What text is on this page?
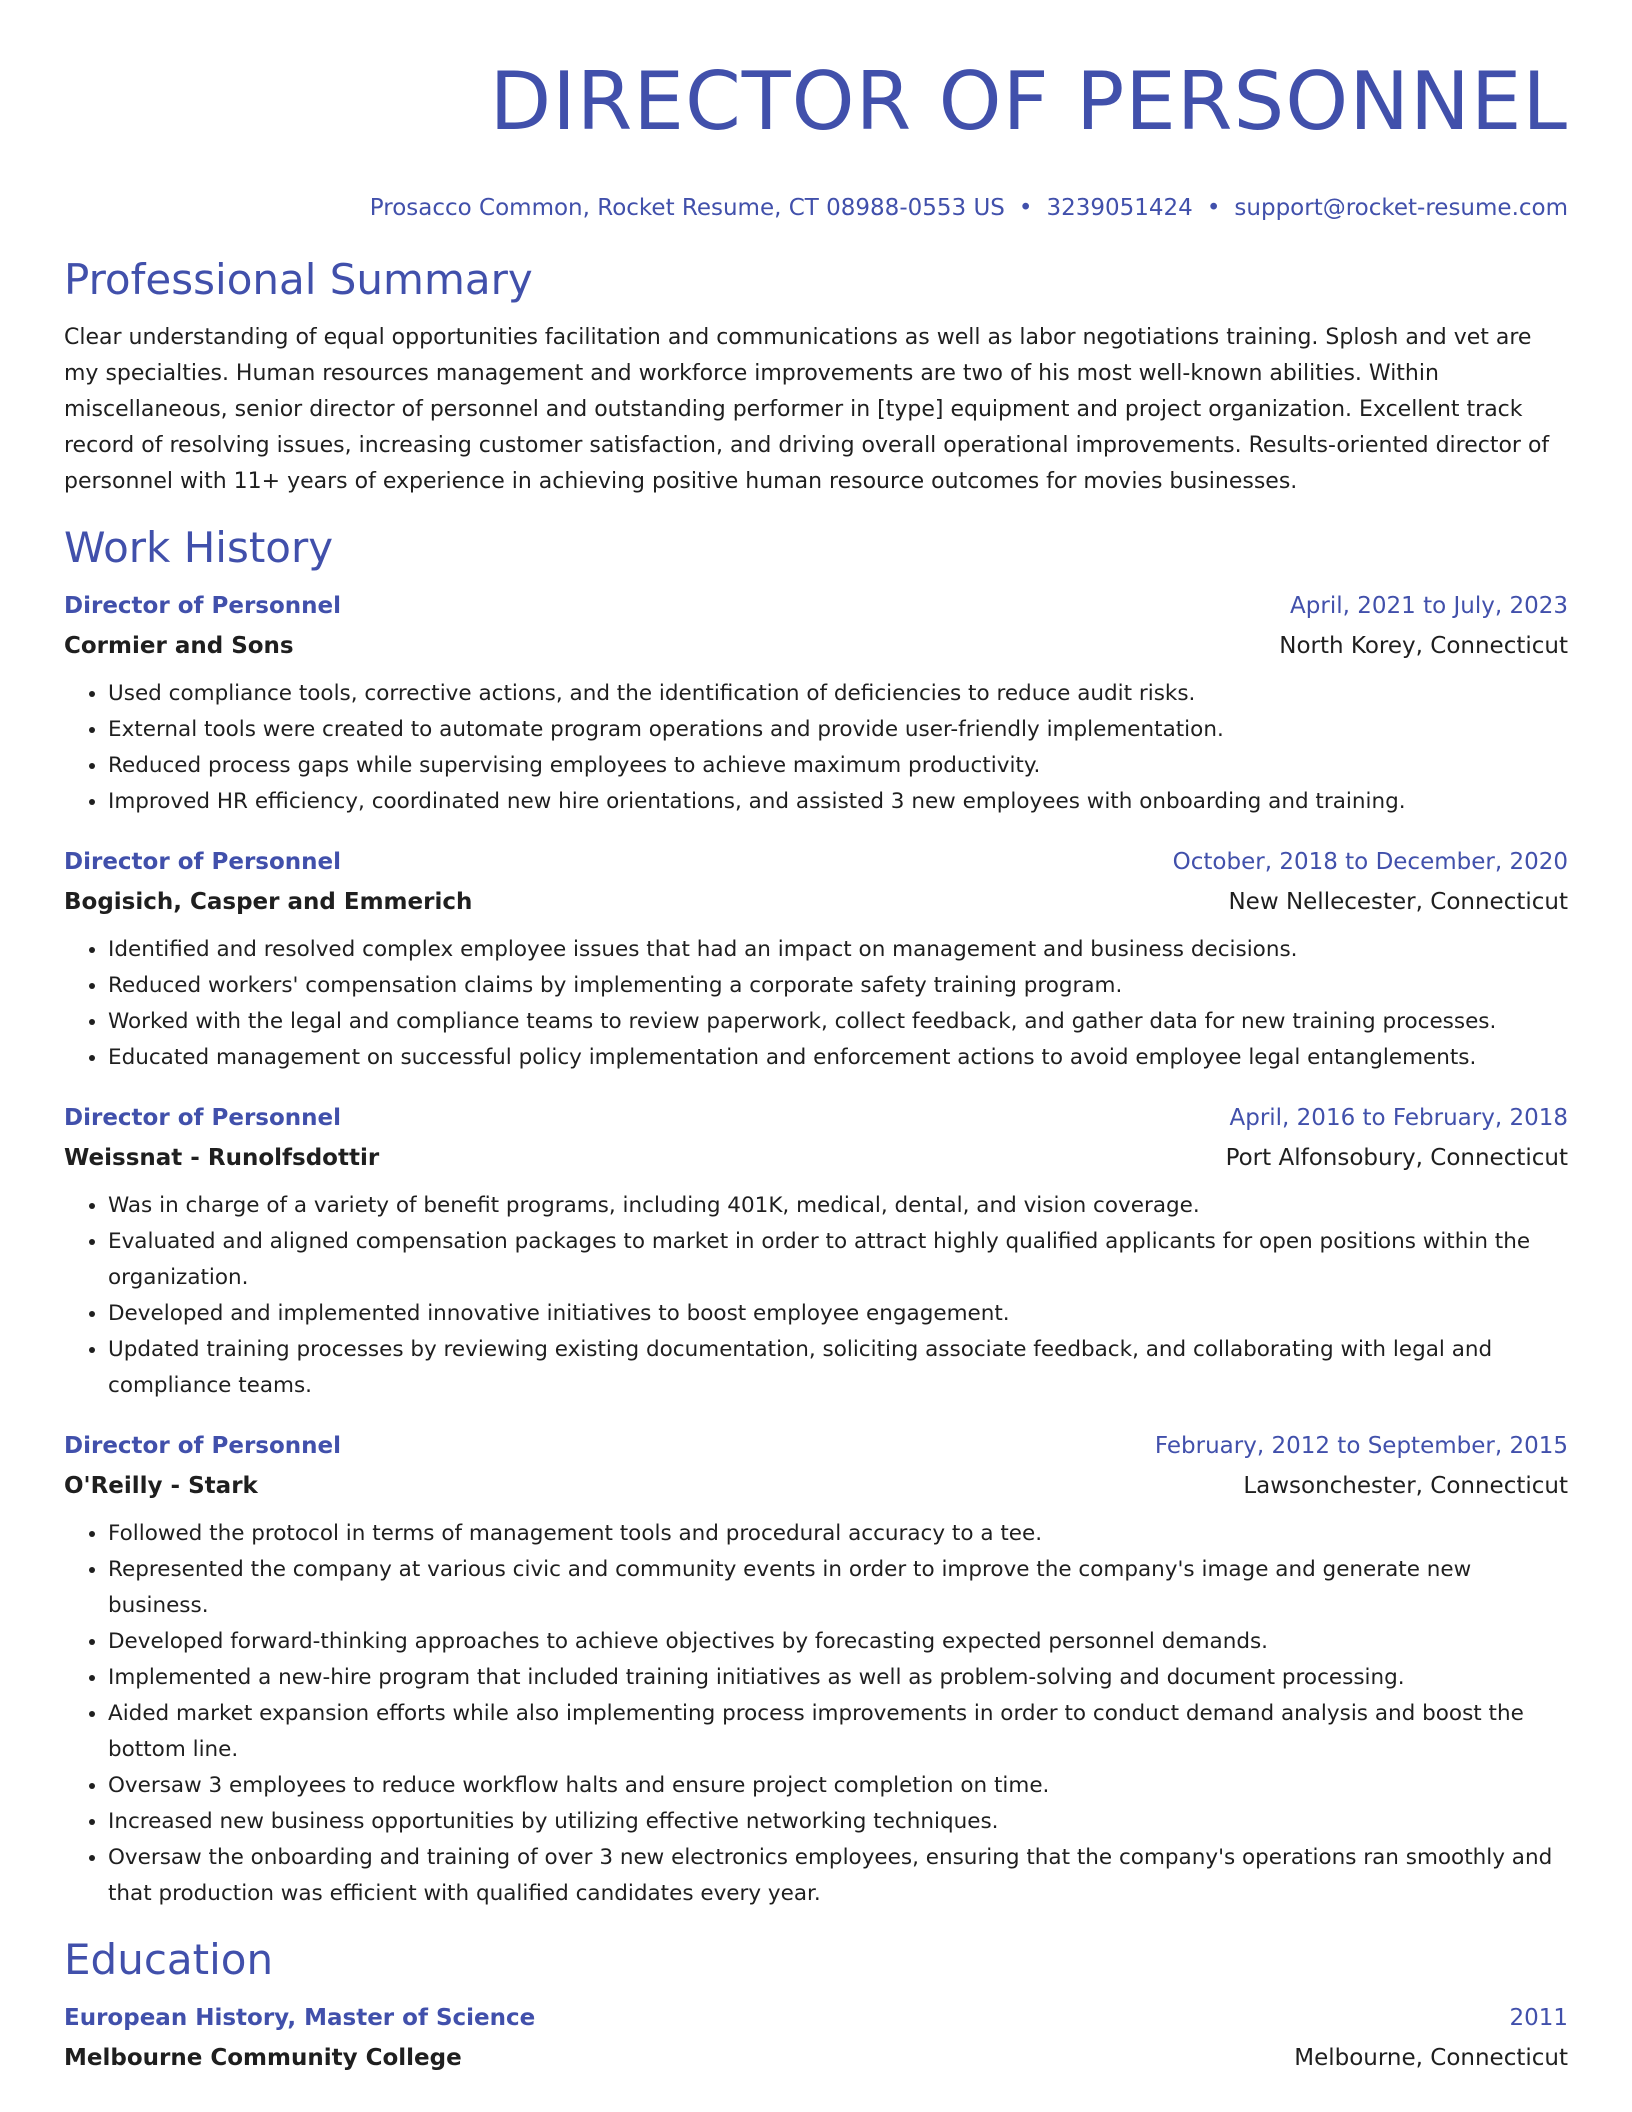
DIRECTOR OF PERSONNEL
Prosacco Common, Rocket Resume, CT 08988-0553 US • 3239051424 • support@rocket-resume.com
Professional Summary
Clear understanding of equal opportunities facilitation and communications as well as labor negotiations training. Splosh and vet are my specialties. Human resources management and workforce improvements are two of his most well-known abilities. Within miscellaneous, senior director of personnel and outstanding performer in [type] equipment and project organization. Excellent track record of resolving issues, increasing customer satisfaction, and driving overall operational improvements. Results-oriented director of personnel with 11+ years of experience in achieving positive human resource outcomes for movies businesses.
Work History
Director of Personnel	April, 2021 to July, 2023
Cormier and Sons	North Korey, Connecticut
• Used compliance tools, corrective actions, and the identification of deficiencies to reduce audit risks.
• External tools were created to automate program operations and provide user-friendly implementation.
• Reduced process gaps while supervising employees to achieve maximum productivity.
• Improved HR efficiency, coordinated new hire orientations, and assisted 3 new employees with onboarding and training.
Director of Personnel	October, 2018 to December, 2020
Bogisich, Casper and Emmerich	New Nellecester, Connecticut
• Identified and resolved complex employee issues that had an impact on management and business decisions.
• Reduced workers' compensation claims by implementing a corporate safety training program.
• Worked with the legal and compliance teams to review paperwork, collect feedback, and gather data for new training processes.
• Educated management on successful policy implementation and enforcement actions to avoid employee legal entanglements.
Director of Personnel	April, 2016 to February, 2018
Weissnat - Runolfsdottir	Port Alfonsobury, Connecticut
• Was in charge of a variety of benefit programs, including 401K, medical, dental, and vision coverage.
• Evaluated and aligned compensation packages to market in order to attract highly qualified applicants for open positions within the organization.
• Developed and implemented innovative initiatives to boost employee engagement.
• Updated training processes by reviewing existing documentation, soliciting associate feedback, and collaborating with legal and compliance teams.
Director of Personnel	February, 2012 to September, 2015
O'Reilly - Stark	Lawsonchester, Connecticut
• Followed the protocol in terms of management tools and procedural accuracy to a tee.
• Represented the company at various civic and community events in order to improve the company's image and generate new business.
• Developed forward-thinking approaches to achieve objectives by forecasting expected personnel demands.
• Implemented a new-hire program that included training initiatives as well as problem-solving and document processing.
• Aided market expansion efforts while also implementing process improvements in order to conduct demand analysis and boost the bottom line.
• Oversaw 3 employees to reduce workflow halts and ensure project completion on time.
• Increased new business opportunities by utilizing effective networking techniques.
• Oversaw the onboarding and training of over 3 new electronics employees, ensuring that the company's operations ran smoothly and that production was efficient with qualified candidates every year.
Education
European History, Master of Science	2011
Melbourne Community College	Melbourne, Connecticut
